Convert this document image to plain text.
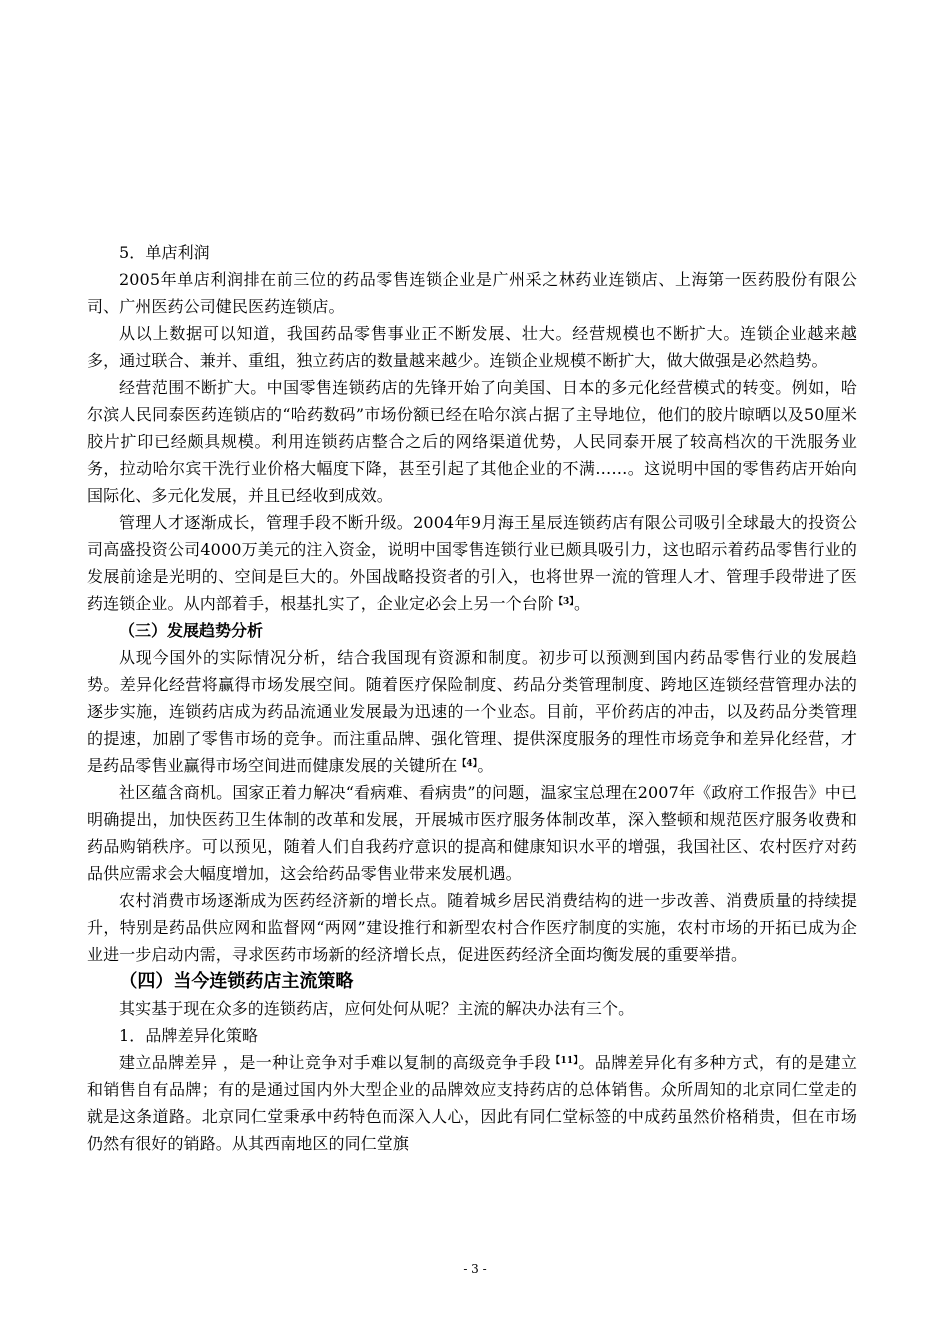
5．单店利润

2005年单店利润排在前三位的药品零售连锁企业是广州采之林药业连锁店、上海第一医药股份有限公司、广州医药公司健民医药连锁店。

从以上数据可以知道，我国药品零售事业正不断发展、壮大。经营规模也不断扩大。连锁企业越来越多，通过联合、兼并、重组，独立药店的数量越来越少。连锁企业规模不断扩大，做大做强是必然趋势。

经营范围不断扩大。中国零售连锁药店的先锋开始了向美国、日本的多元化经营模式的转变。例如，哈尔滨人民同泰医药连锁店的“哈药数码”市场份额已经在哈尔滨占据了主导地位，他们的胶片晾晒以及50厘米胶片扩印已经颇具规模。利用连锁药店整合之后的网络渠道优势，人民同泰开展了较高档次的干洗服务业务，拉动哈尔宾干洗行业价格大幅度下降，甚至引起了其他企业的不满……。这说明中国的零售药店开始向国际化、多元化发展，并且已经收到成效。

管理人才逐渐成长，管理手段不断升级。2004年9月海王星辰连锁药店有限公司吸引全球最大的投资公司高盛投资公司4000万美元的注入资金，说明中国零售连锁行业已颇具吸引力，这也昭示着药品零售行业的发展前途是光明的、空间是巨大的。外国战略投资者的引入，也将世界一流的管理人才、管理手段带进了医药连锁企业。从内部着手，根基扎实了，企业定必会上另一个台阶$^{【3】}$。

（三）发展趋势分析

从现今国外的实际情况分析，结合我国现有资源和制度。初步可以预测到国内药品零售行业的发展趋势。差异化经营将赢得市场发展空间。随着医疗保险制度、药品分类管理制度、跨地区连锁经营管理办法的逐步实施，连锁药店成为药品流通业发展最为迅速的一个业态。目前，平价药店的冲击，以及药品分类管理的提速，加剧了零售市场的竞争。而注重品牌、强化管理、提供深度服务的理性市场竞争和差异化经营，才是药品零售业赢得市场空间进而健康发展的关键所在$^{【4】}$。

社区蕴含商机。国家正着力解决“看病难、看病贵”的问题，温家宝总理在2007年《政府工作报告》中已明确提出，加快医药卫生体制的改革和发展，开展城市医疗服务体制改革，深入整顿和规范医疗服务收费和药品购销秩序。可以预见，随着人们自我药疗意识的提高和健康知识水平的增强，我国社区、农村医疗对药品供应需求会大幅度增加，这会给药品零售业带来发展机遇。

农村消费市场逐渐成为医药经济新的增长点。随着城乡居民消费结构的进一步改善、消费质量的持续提升，特别是药品供应网和监督网“两网”建设推行和新型农村合作医疗制度的实施，农村市场的开拓已成为企业进一步启动内需，寻求医药市场新的经济增长点，促进医药经济全面均衡发展的重要举措。

（四）当今连锁药店主流策略

其实基于现在众多的连锁药店，应何处何从呢？主流的解决办法有三个。

1．品牌差异化策略

建立品牌差异 ，是一种让竞争对手难以复制的高级竞争手段$^{【11】}$。品牌差异化有多种方式，有的是建立和销售自有品牌；有的是通过国内外大型企业的品牌效应支持药店的总体销售。众所周知的北京同仁堂走的就是这条道路。北京同仁堂秉承中药特色而深入人心，因此有同仁堂标签的中成药虽然价格稍贵，但在市场仍然有很好的销路。从其西南地区的同仁堂旗

- 3 -
